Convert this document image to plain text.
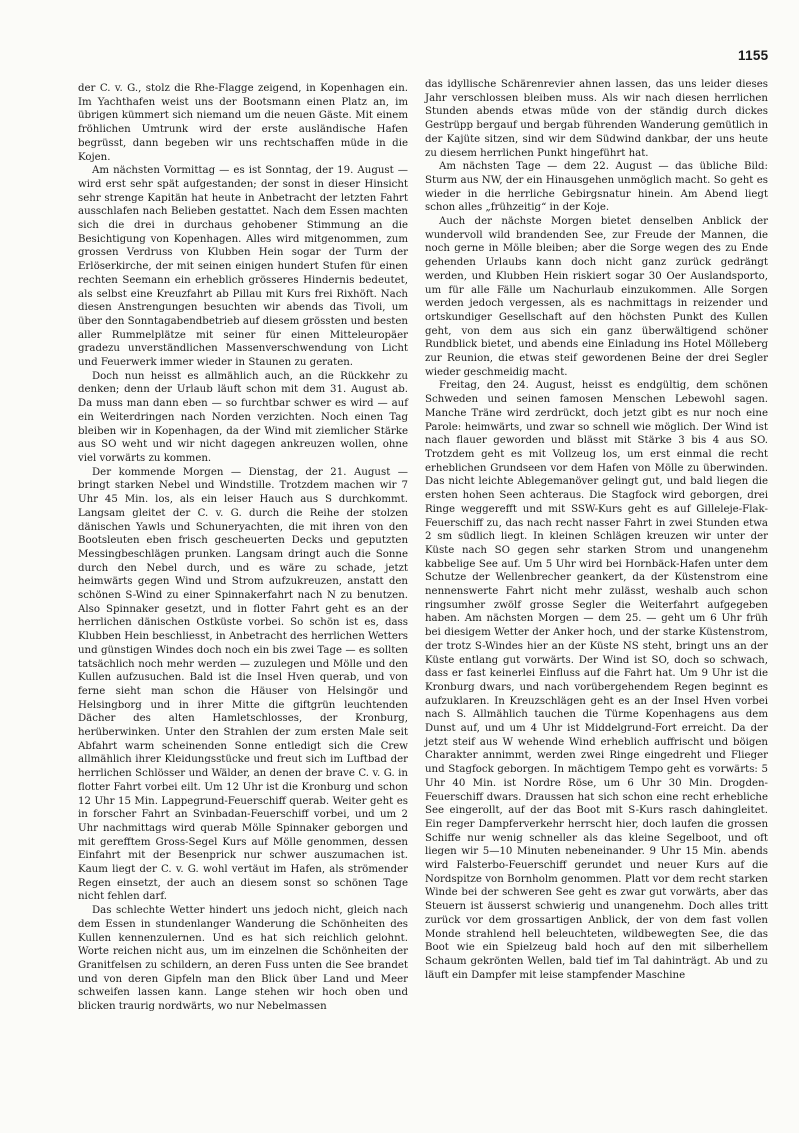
1155

der C. v. G., stolz die Rhe-Flagge zeigend, in Kopenhagen ein. Im Yachthafen weist uns der Bootsmann einen Platz an, im übrigen kümmert sich niemand um die neuen Gäste. Mit einem fröhlichen Umtrunk wird der erste ausländische Hafen begrüsst, dann begeben wir uns rechtschaffen müde in die Kojen.

Am nächsten Vormittag — es ist Sonntag, der 19. August — wird erst sehr spät aufgestanden; der sonst in dieser Hinsicht sehr strenge Kapitän hat heute in Anbetracht der letzten Fahrt ausschlafen nach Belieben gestattet. Nach dem Essen machten sich die drei in durchaus gehobener Stimmung an die Besichtigung von Kopenhagen. Alles wird mitgenommen, zum grossen Verdruss von Klubben Hein sogar der Turm der Erlöserkirche, der mit seinen einigen hundert Stufen für einen rechten Seemann ein erheblich grösseres Hindernis bedeutet, als selbst eine Kreuzfahrt ab Pillau mit Kurs frei Rixhöft. Nach diesen Anstrengungen besuchten wir abends das Tivoli, um über den Sonntagabendbetrieb auf diesem grössten und besten aller Rummelplätze mit seiner für einen Mitteleuropäer gradezu unverständlichen Massenverschwendung von Licht und Feuerwerk immer wieder in Staunen zu geraten.

Doch nun heisst es allmählich auch, an die Rückkehr zu denken; denn der Urlaub läuft schon mit dem 31. August ab. Da muss man dann eben — so furchtbar schwer es wird — auf ein Weiterdringen nach Norden verzichten. Noch einen Tag bleiben wir in Kopenhagen, da der Wind mit ziemlicher Stärke aus SO weht und wir nicht dagegen ankreuzen wollen, ohne viel vorwärts zu kommen.

Der kommende Morgen — Dienstag, der 21. August — bringt starken Nebel und Windstille. Trotzdem machen wir 7 Uhr 45 Min. los, als ein leiser Hauch aus S durchkommt. Langsam gleitet der C. v. G. durch die Reihe der stolzen dänischen Yawls und Schuneryachten, die mit ihren von den Bootsleuten eben frisch gescheuerten Decks und geputzten Messingbeschlägen prunken. Langsam dringt auch die Sonne durch den Nebel durch, und es wäre zu schade, jetzt heimwärts gegen Wind und Strom aufzukreuzen, anstatt den schönen S-Wind zu einer Spinnakerfahrt nach N zu benutzen. Also Spinnaker gesetzt, und in flotter Fahrt geht es an der herrlichen dänischen Ostküste vorbei. So schön ist es, dass Klubben Hein beschliesst, in Anbetracht des herrlichen Wetters und günstigen Windes doch noch ein bis zwei Tage — es sollten tatsächlich noch mehr werden — zuzulegen und Mölle und den Kullen aufzusuchen. Bald ist die Insel Hven querab, und von ferne sieht man schon die Häuser von Helsingör und Helsingborg und in ihrer Mitte die giftgrün leuchtenden Dächer des alten Hamletschlosses, der Kronburg, herüberwinken. Unter den Strahlen der zum ersten Male seit Abfahrt warm scheinenden Sonne entledigt sich die Crew allmählich ihrer Kleidungsstücke und freut sich im Luftbad der herrlichen Schlösser und Wälder, an denen der brave C. v. G. in flotter Fahrt vorbei eilt. Um 12 Uhr ist die Kronburg und schon 12 Uhr 15 Min. Lappegrund-Feuerschiff querab. Weiter geht es in forscher Fahrt an Svinbadan-Feuerschiff vorbei, und um 2 Uhr nachmittags wird querab Mölle Spinnaker geborgen und mit gerefftem Gross-Segel Kurs auf Mölle genommen, dessen Einfahrt mit der Besenprick nur schwer auszumachen ist. Kaum liegt der C. v. G. wohl vertäut im Hafen, als strömender Regen einsetzt, der auch an diesem sonst so schönen Tage nicht fehlen darf.

Das schlechte Wetter hindert uns jedoch nicht, gleich nach dem Essen in stundenlanger Wanderung die Schönheiten des Kullen kennenzulernen. Und es hat sich reichlich gelohnt. Worte reichen nicht aus, um im einzelnen die Schönheiten der Granitfelsen zu schildern, an deren Fuss unten die See brandet und von deren Gipfeln man den Blick über Land und Meer schweifen lassen kann. Lange stehen wir hoch oben und blicken traurig nordwärts, wo nur Nebelmassen

das idyllische Schärenrevier ahnen lassen, das uns leider dieses Jahr verschlossen bleiben muss. Als wir nach diesen herrlichen Stunden abends etwas müde von der ständig durch dickes Gestrüpp bergauf und bergab führenden Wanderung gemütlich in der Kajüte sitzen, sind wir dem Südwind dankbar, der uns heute zu diesem herrlichen Punkt hingeführt hat.

Am nächsten Tage — dem 22. August — das übliche Bild: Sturm aus NW, der ein Hinausgehen unmöglich macht. So geht es wieder in die herrliche Gebirgsnatur hinein. Am Abend liegt schon alles „frühzeitig“ in der Koje.

Auch der nächste Morgen bietet denselben Anblick der wundervoll wild brandenden See, zur Freude der Mannen, die noch gerne in Mölle bleiben; aber die Sorge wegen des zu Ende gehenden Urlaubs kann doch nicht ganz zurück gedrängt werden, und Klubben Hein riskiert sogar 30 Oer Auslandsporto, um für alle Fälle um Nachurlaub einzukommen. Alle Sorgen werden jedoch vergessen, als es nachmittags in reizender und ortskundiger Gesellschaft auf den höchsten Punkt des Kullen geht, von dem aus sich ein ganz überwältigend schöner Rundblick bietet, und abends eine Einladung ins Hotel Mölleberg zur Reunion, die etwas steif gewordenen Beine der drei Segler wieder geschmeidig macht.

Freitag, den 24. August, heisst es endgültig, dem schönen Schweden und seinen famosen Menschen Lebewohl sagen. Manche Träne wird zerdrückt, doch jetzt gibt es nur noch eine Parole: heimwärts, und zwar so schnell wie möglich. Der Wind ist nach flauer geworden und blässt mit Stärke 3 bis 4 aus SO. Trotzdem geht es mit Vollzeug los, um erst einmal die recht erheblichen Grundseen vor dem Hafen von Mölle zu überwinden. Das nicht leichte Ablegemanöver gelingt gut, und bald liegen die ersten hohen Seen achteraus. Die Stagfock wird geborgen, drei Ringe weggerefft und mit SSW-Kurs geht es auf Gilleleje-Flak-Feuerschiff zu, das nach recht nasser Fahrt in zwei Stunden etwa 2 sm südlich liegt. In kleinen Schlägen kreuzen wir unter der Küste nach SO gegen sehr starken Strom und unangenehm kabbelige See auf. Um 5 Uhr wird bei Hornbäck-Hafen unter dem Schutze der Wellenbrecher geankert, da der Küstenstrom eine nennenswerte Fahrt nicht mehr zulässt, weshalb auch schon ringsumher zwölf grosse Segler die Weiterfahrt aufgegeben haben. Am nächsten Morgen — dem 25. — geht um 6 Uhr früh bei diesigem Wetter der Anker hoch, und der starke Küstenstrom, der trotz S-Windes hier an der Küste NS steht, bringt uns an der Küste entlang gut vorwärts. Der Wind ist SO, doch so schwach, dass er fast keinerlei Einfluss auf die Fahrt hat. Um 9 Uhr ist die Kronburg dwars, und nach vorübergehendem Regen beginnt es aufzuklaren. In Kreuzschlägen geht es an der Insel Hven vorbei nach S. Allmählich tauchen die Türme Kopenhagens aus dem Dunst auf, und um 4 Uhr ist Middelgrund-Fort erreicht. Da der jetzt steif aus W wehende Wind erheblich auffrischt und böigen Charakter annimmt, werden zwei Ringe eingedreht und Flieger und Stagfock geborgen. In mächtigem Tempo geht es vorwärts: 5 Uhr 40 Min. ist Nordre Röse, um 6 Uhr 30 Min. Drogden-Feuerschiff dwars. Draussen hat sich schon eine recht erhebliche See eingerollt, auf der das Boot mit S-Kurs rasch dahingleitet. Ein reger Dampferverkehr herrscht hier, doch laufen die grossen Schiffe nur wenig schneller als das kleine Segelboot, und oft liegen wir 5—10 Minuten nebeneinander. 9 Uhr 15 Min. abends wird Falsterbo-Feuerschiff gerundet und neuer Kurs auf die Nordspitze von Bornholm genommen. Platt vor dem recht starken Winde bei der schweren See geht es zwar gut vorwärts, aber das Steuern ist äusserst schwierig und unangenehm. Doch alles tritt zurück vor dem grossartigen Anblick, der von dem fast vollen Monde strahlend hell beleuchteten, wildbewegten See, die das Boot wie ein Spielzeug bald hoch auf den mit silberhellem Schaum gekrönten Wellen, bald tief im Tal dahinträgt. Ab und zu läuft ein Dampfer mit leise stampfender Maschine
